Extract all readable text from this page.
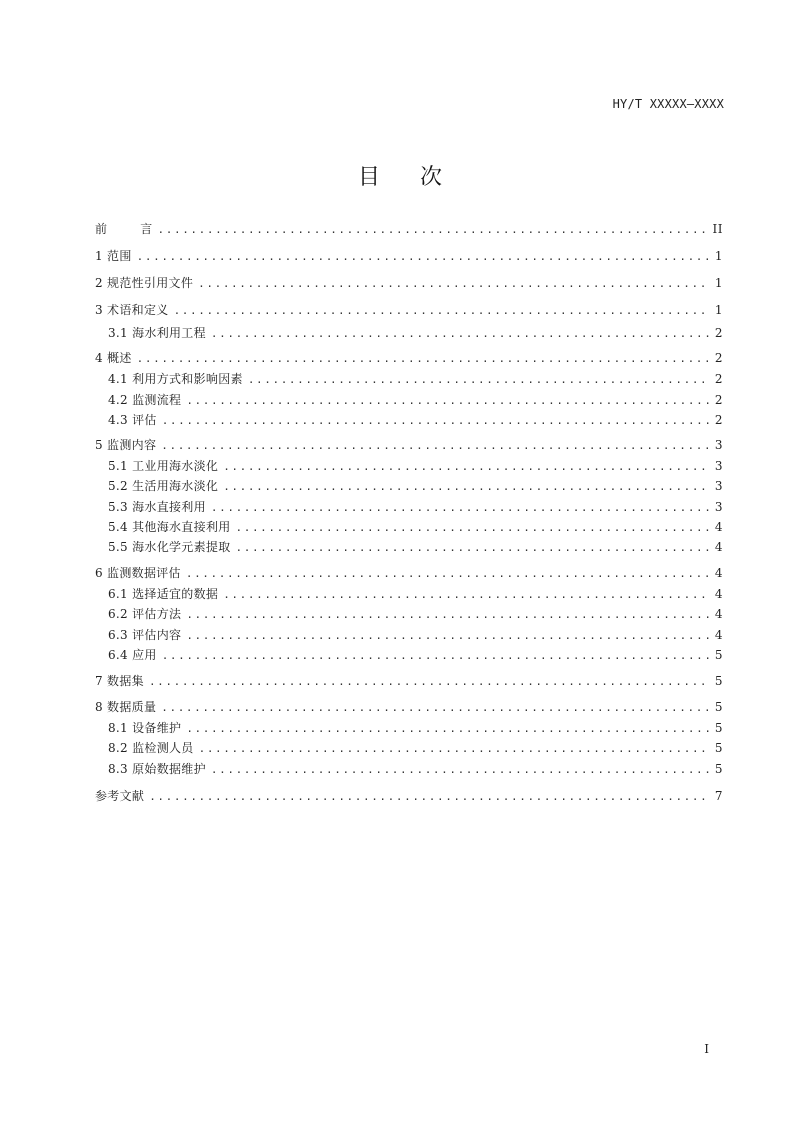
HY/T XXXXX—XXXX
目次
前        言 .....	II
1 范围 .....	1
2 规范性引用文件 .....	1
3 术语和定义 .....	1
3.1 海水利用工程 .....	2
4 概述 .....	2
4.1 利用方式和影响因素 .....	2
4.2 监测流程 .....	2
4.3 评估 .....	2
5 监测内容 .....	3
5.1 工业用海水淡化 .....	3
5.2 生活用海水淡化 .....	3
5.3 海水直接利用 .....	3
5.4 其他海水直接利用 .....	4
5.5 海水化学元素提取 .....	4
6 监测数据评估 .....	4
6.1 选择适宜的数据 .....	4
6.2 评估方法 .....	4
6.3 评估内容 .....	4
6.4 应用 .....	5
7 数据集 .....	5
8 数据质量 .....	5
8.1 设备维护 .....	5
8.2 监检测人员 .....	5
8.3 原始数据维护 .....	5
参考文献 .....	7
I
